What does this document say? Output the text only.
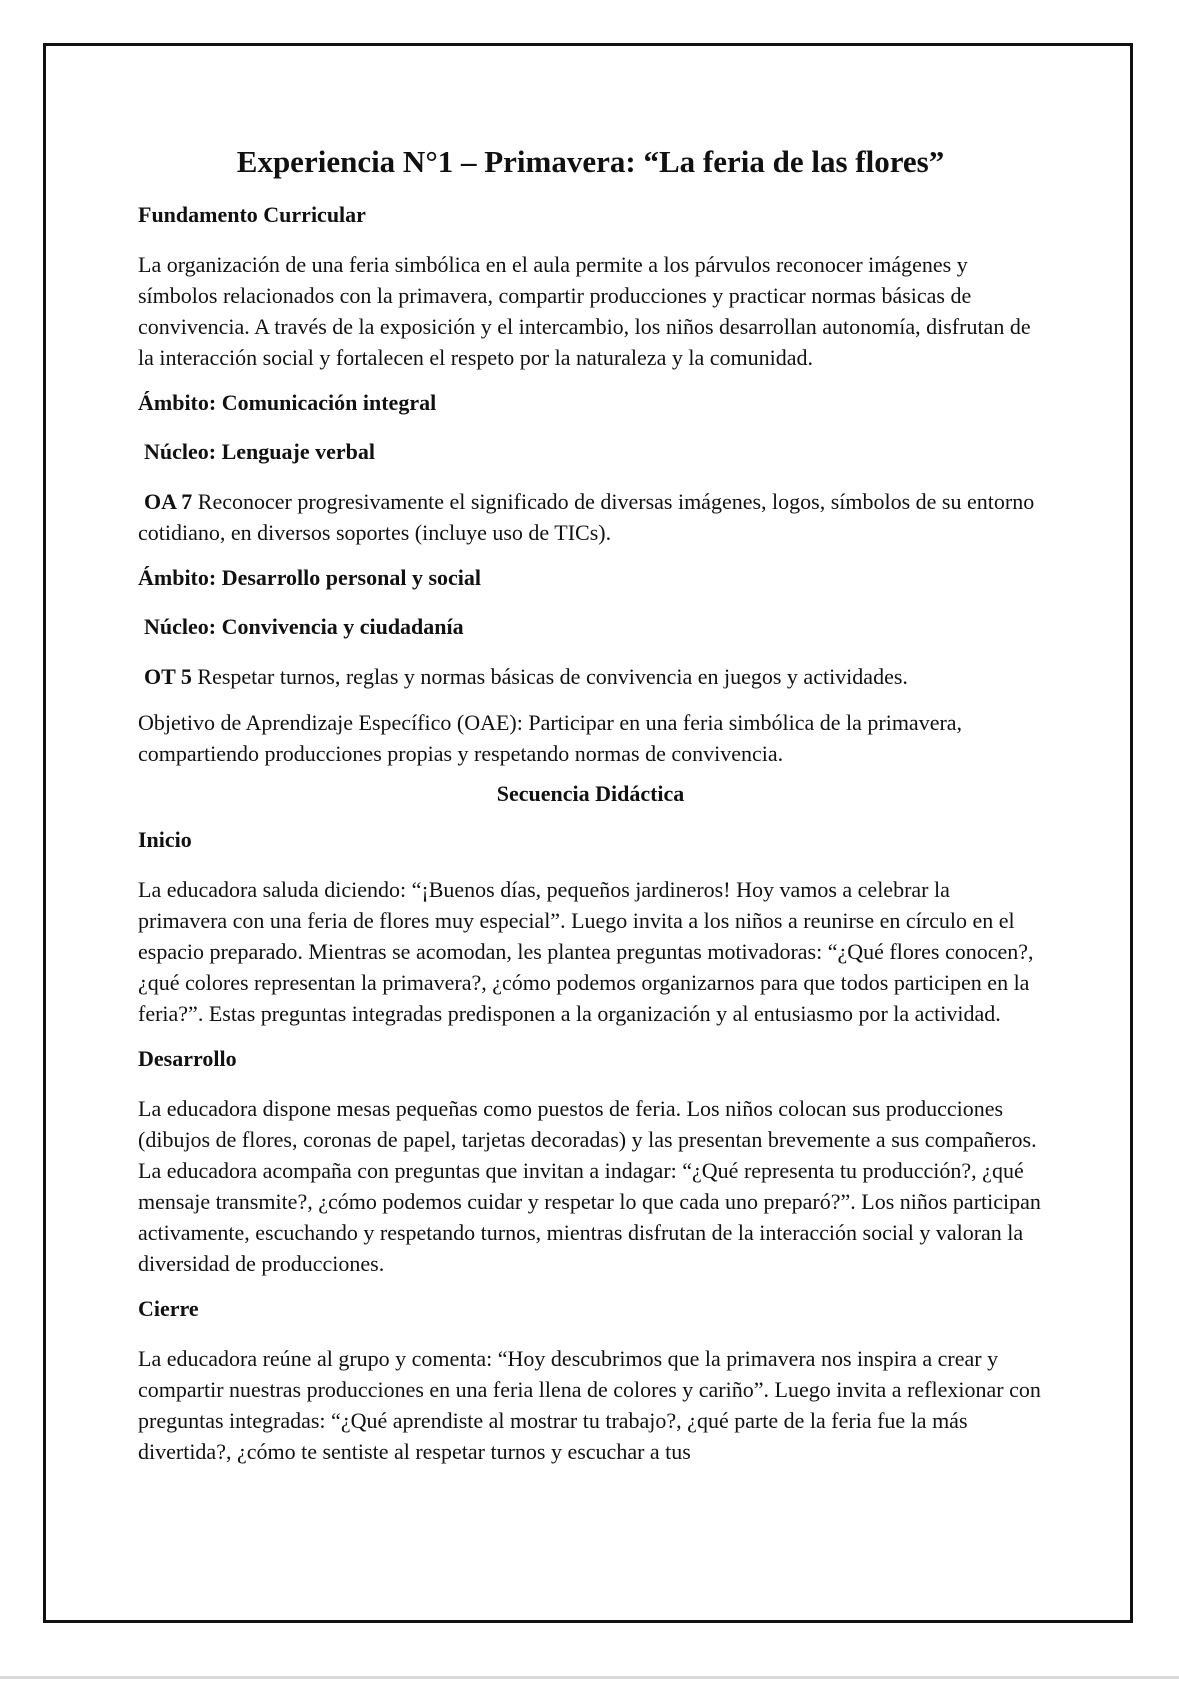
Experiencia N°1 – Primavera: “La feria de las flores”
Fundamento Curricular

La organización de una feria simbólica en el aula permite a los párvulos reconocer imágenes y símbolos relacionados con la primavera, compartir producciones y practicar normas básicas de convivencia. A través de la exposición y el intercambio, los niños desarrollan autonomía, disfrutan de la interacción social y fortalecen el respeto por la naturaleza y la comunidad.

Ámbito: Comunicación integral
Núcleo: Lenguaje verbal

OA 7 Reconocer progresivamente el significado de diversas imágenes, logos, símbolos de su entorno cotidiano, en diversos soportes (incluye uso de TICs).

Ámbito: Desarrollo personal y social
Núcleo: Convivencia y ciudadanía

OT 5 Respetar turnos, reglas y normas básicas de convivencia en juegos y actividades.

Objetivo de Aprendizaje Específico (OAE): Participar en una feria simbólica de la primavera, compartiendo producciones propias y respetando normas de convivencia.

Secuencia Didáctica
Inicio

La educadora saluda diciendo: “¡Buenos días, pequeños jardineros! Hoy vamos a celebrar la primavera con una feria de flores muy especial”. Luego invita a los niños a reunirse en círculo en el espacio preparado. Mientras se acomodan, les plantea preguntas motivadoras: “¿Qué flores conocen?, ¿qué colores representan la primavera?, ¿cómo podemos organizarnos para que todos participen en la feria?”. Estas preguntas integradas predisponen a la organización y al entusiasmo por la actividad.

Desarrollo

La educadora dispone mesas pequeñas como puestos de feria. Los niños colocan sus producciones (dibujos de flores, coronas de papel, tarjetas decoradas) y las presentan brevemente a sus compañeros. La educadora acompaña con preguntas que invitan a indagar: “¿Qué representa tu producción?, ¿qué mensaje transmite?, ¿cómo podemos cuidar y respetar lo que cada uno preparó?”. Los niños participan activamente, escuchando y respetando turnos, mientras disfrutan de la interacción social y valoran la diversidad de producciones.

Cierre

La educadora reúne al grupo y comenta: “Hoy descubrimos que la primavera nos inspira a crear y compartir nuestras producciones en una feria llena de colores y cariño”. Luego invita a reflexionar con preguntas integradas: “¿Qué aprendiste al mostrar tu trabajo?, ¿qué parte de la feria fue la más divertida?, ¿cómo te sentiste al respetar turnos y escuchar a tus
